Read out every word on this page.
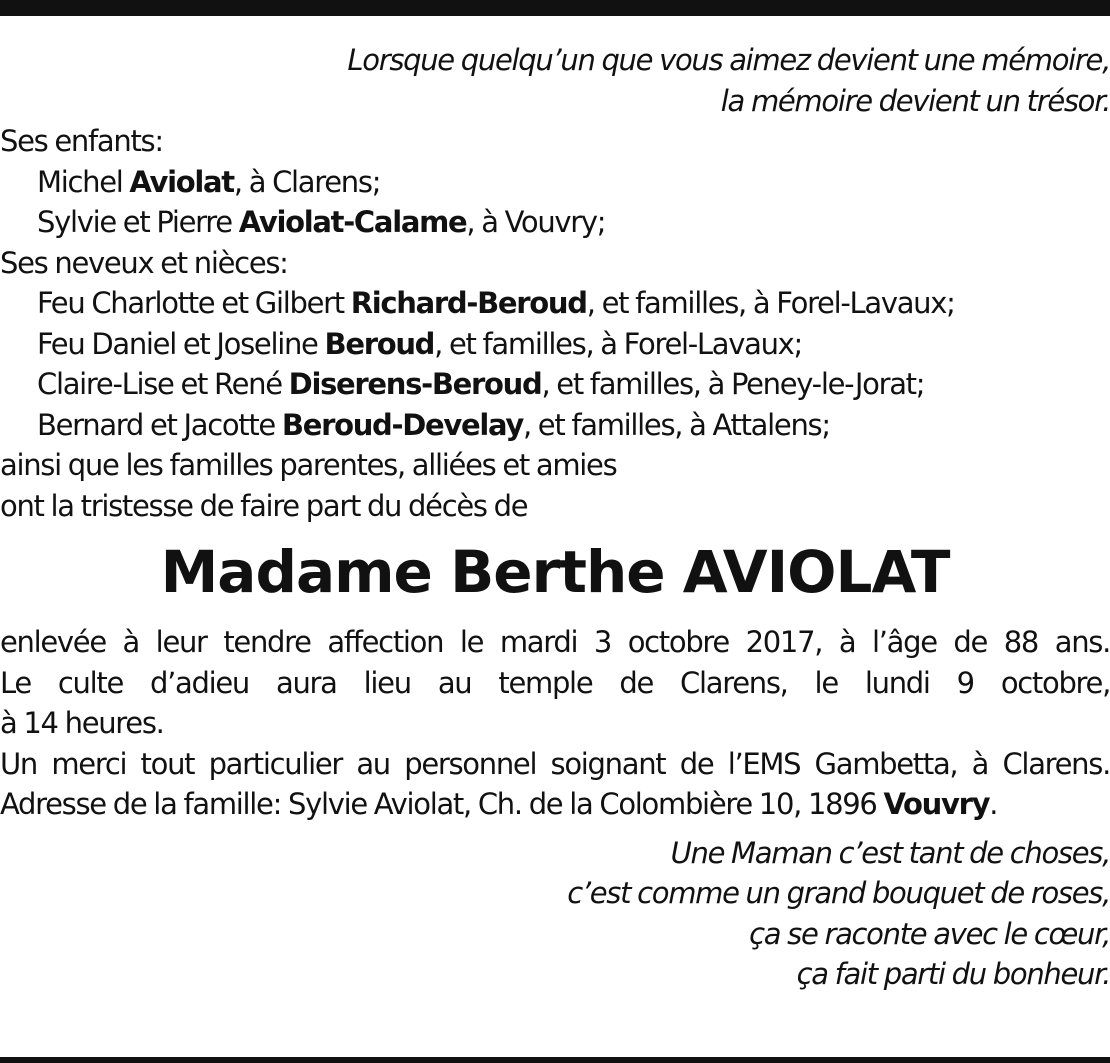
Lorsque quelqu’un que vous aimez devient une mémoire,
la mémoire devient un trésor.
Ses enfants:
Michel Aviolat, à Clarens;
Sylvie et Pierre Aviolat-Calame, à Vouvry;
Ses neveux et nièces:
Feu Charlotte et Gilbert Richard-Beroud, et familles, à Forel-Lavaux;
Feu Daniel et Joseline Beroud, et familles, à Forel-Lavaux;
Claire-Lise et René Diserens-Beroud, et familles, à Peney-le-Jorat;
Bernard et Jacotte Beroud-Develay, et familles, à Attalens;
ainsi que les familles parentes, alliées et amies
ont la tristesse de faire part du décès de
Madame Berthe AVIOLAT
enlevée à leur tendre affection le mardi 3 octobre 2017, à l’âge de 88 ans.
Le culte d’adieu aura lieu au temple de Clarens, le lundi 9 octobre,
à 14 heures.
Un merci tout particulier au personnel soignant de l’EMS Gambetta, à Clarens.
Adresse de la famille: Sylvie Aviolat, Ch. de la Colombière 10, 1896 Vouvry.
Une Maman c’est tant de choses,
c’est comme un grand bouquet de roses,
ça se raconte avec le cœur,
ça fait parti du bonheur.
